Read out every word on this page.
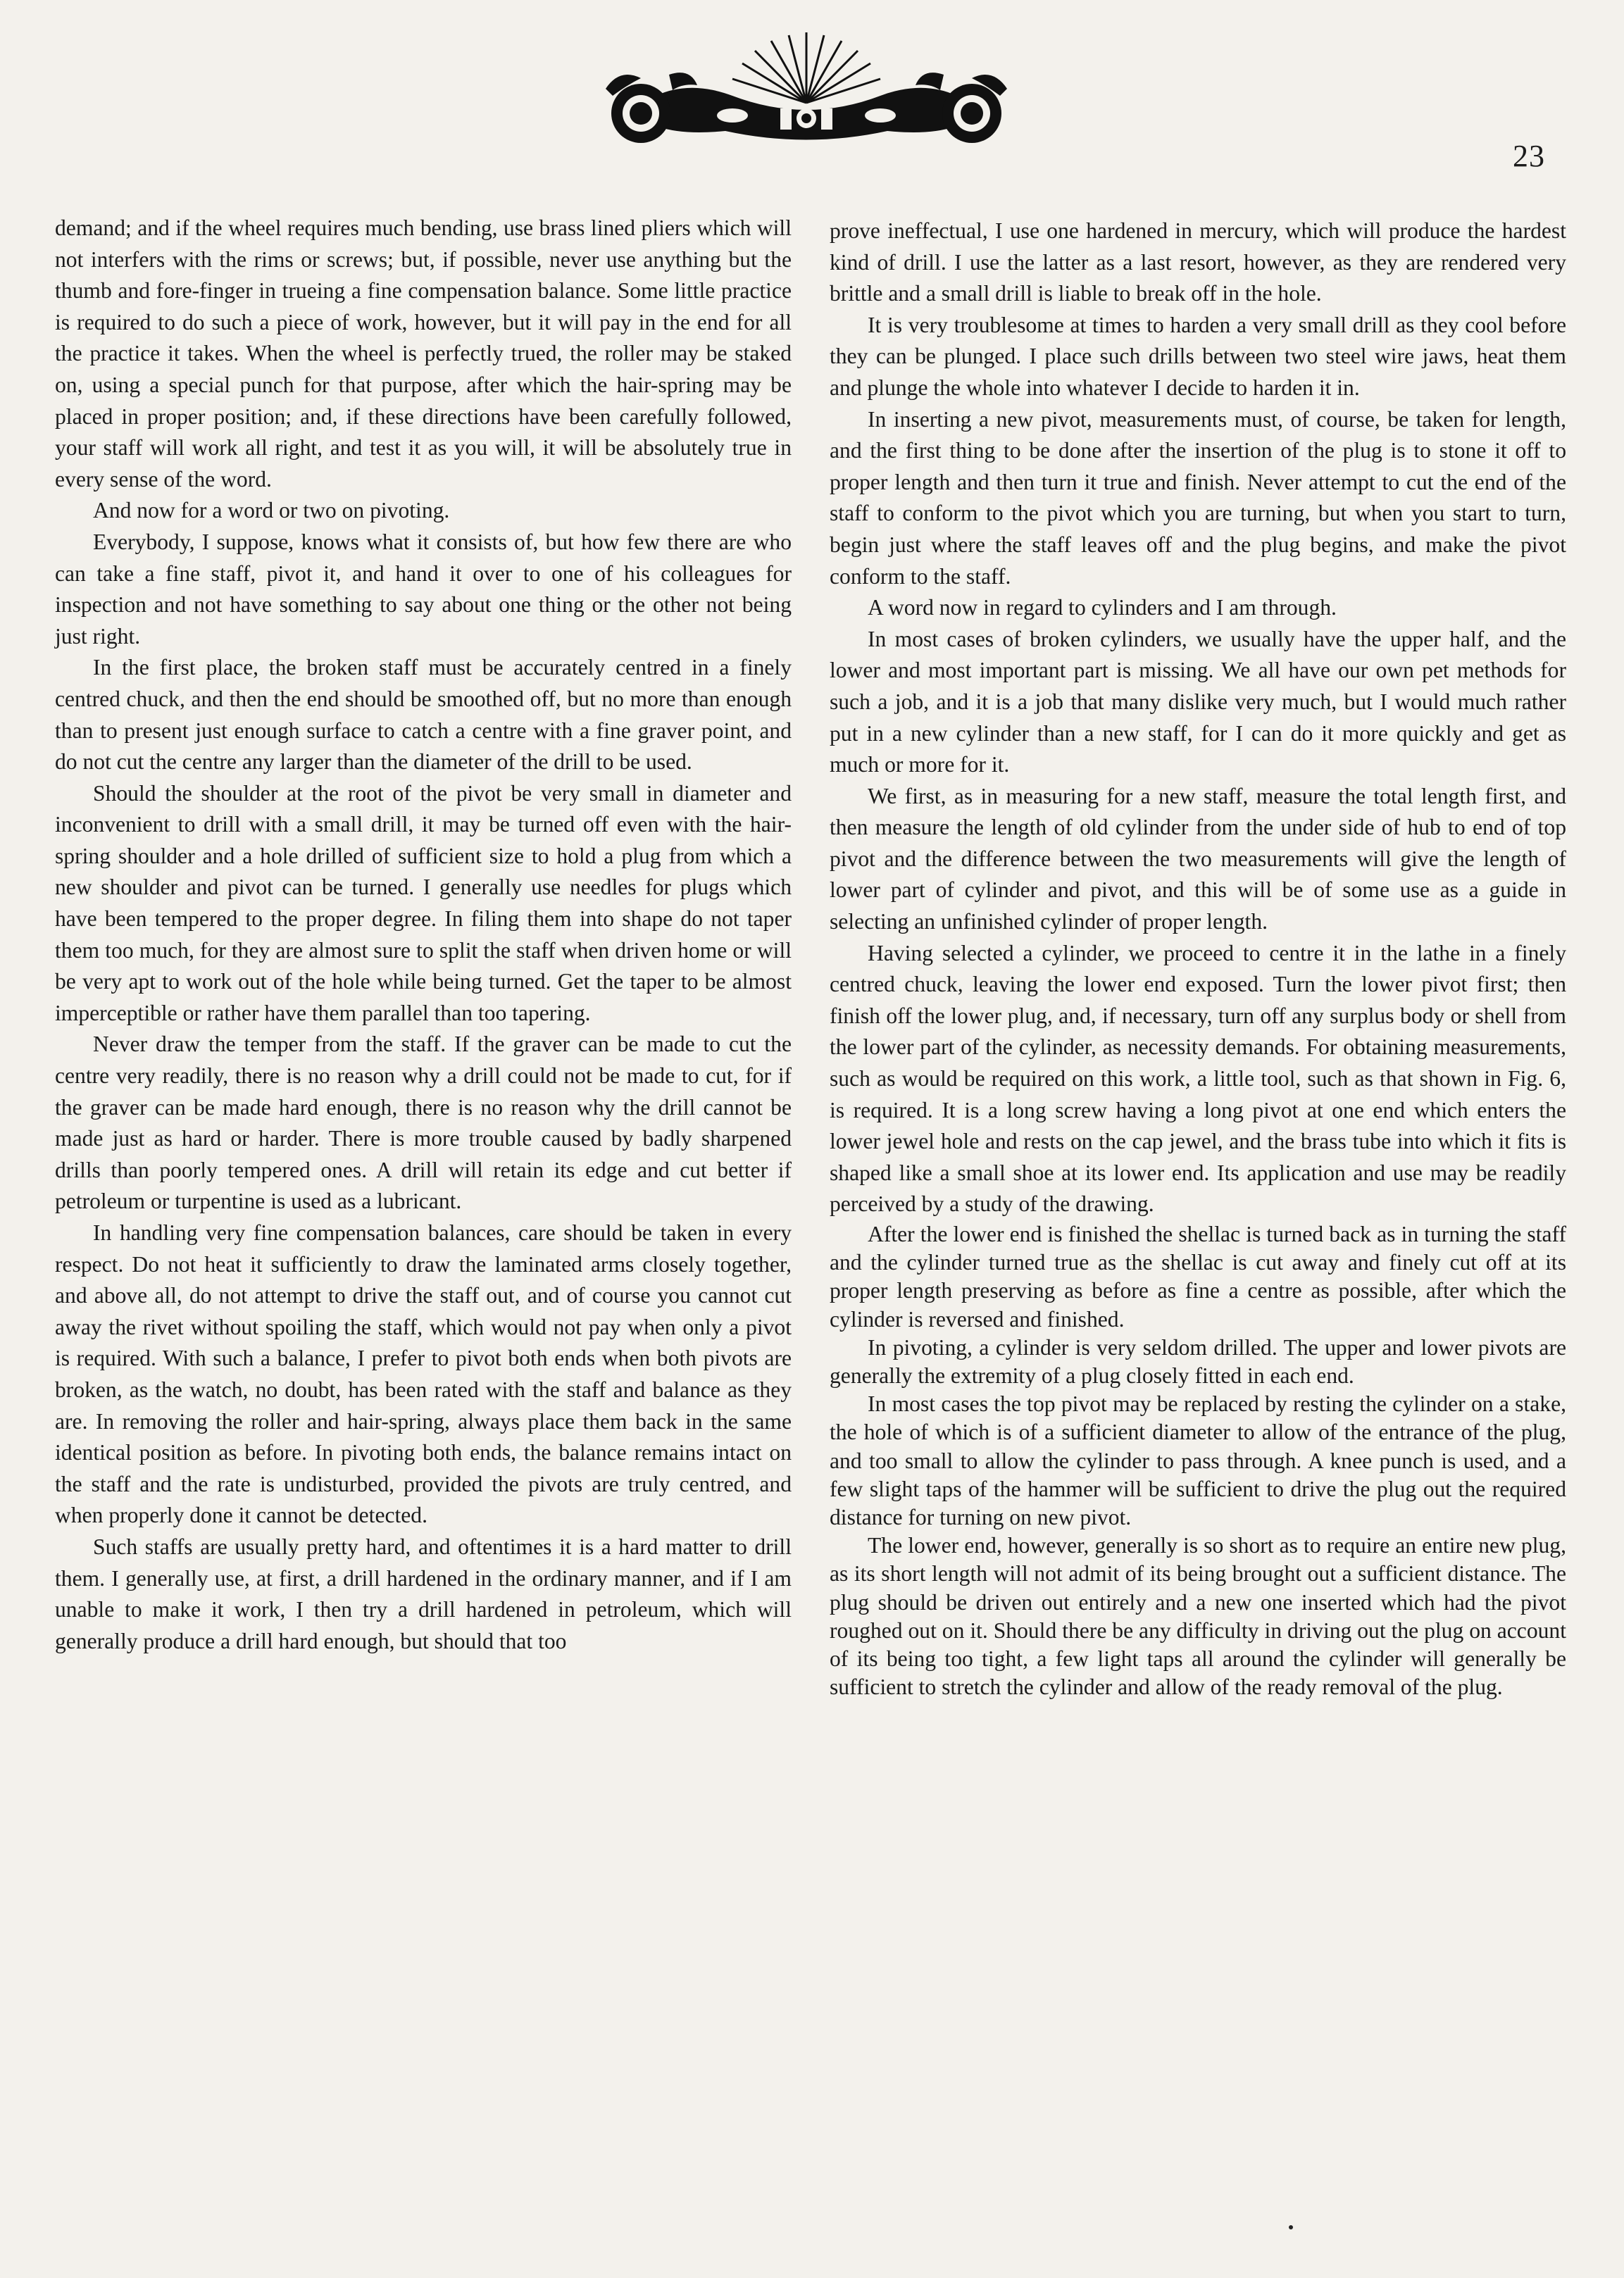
23

demand; and if the wheel requires much bending, use brass lined pliers which will not interfers with the rims or screws; but, if possible, never use anything but the thumb and fore-finger in trueing a fine compensation balance. Some little practice is required to do such a piece of work, however, but it will pay in the end for all the practice it takes. When the wheel is perfectly trued, the roller may be staked on, using a special punch for that purpose, after which the hair-spring may be placed in proper position; and, if these directions have been carefully followed, your staff will work all right, and test it as you will, it will be absolutely true in every sense of the word.

And now for a word or two on pivoting.

Everybody, I suppose, knows what it consists of, but how few there are who can take a fine staff, pivot it, and hand it over to one of his colleagues for inspection and not have something to say about one thing or the other not being just right.

In the first place, the broken staff must be accurately centred in a finely centred chuck, and then the end should be smoothed off, but no more than enough than to present just enough surface to catch a centre with a fine graver point, and do not cut the centre any larger than the diameter of the drill to be used.

Should the shoulder at the root of the pivot be very small in diameter and inconvenient to drill with a small drill, it may be turned off even with the hair-spring shoulder and a hole drilled of sufficient size to hold a plug from which a new shoulder and pivot can be turned. I generally use needles for plugs which have been tempered to the proper degree. In filing them into shape do not taper them too much, for they are almost sure to split the staff when driven home or will be very apt to work out of the hole while being turned. Get the taper to be almost imperceptible or rather have them parallel than too tapering.

Never draw the temper from the staff. If the graver can be made to cut the centre very readily, there is no reason why a drill could not be made to cut, for if the graver can be made hard enough, there is no reason why the drill cannot be made just as hard or harder. There is more trouble caused by badly sharpened drills than poorly tempered ones. A drill will retain its edge and cut better if petroleum or turpentine is used as a lubricant.

In handling very fine compensation balances, care should be taken in every respect. Do not heat it sufficiently to draw the laminated arms closely together, and above all, do not attempt to drive the staff out, and of course you cannot cut away the rivet without spoiling the staff, which would not pay when only a pivot is required. With such a balance, I prefer to pivot both ends when both pivots are broken, as the watch, no doubt, has been rated with the staff and balance as they are. In removing the roller and hair-spring, always place them back in the same identical position as before. In pivoting both ends, the balance remains intact on the staff and the rate is undisturbed, provided the pivots are truly centred, and when properly done it cannot be detected.

Such staffs are usually pretty hard, and oftentimes it is a hard matter to drill them. I generally use, at first, a drill hardened in the ordinary manner, and if I am unable to make it work, I then try a drill hardened in petroleum, which will generally produce a drill hard enough, but should that too

prove ineffectual, I use one hardened in mercury, which will produce the hardest kind of drill. I use the latter as a last resort, however, as they are rendered very brittle and a small drill is liable to break off in the hole.

It is very troublesome at times to harden a very small drill as they cool before they can be plunged. I place such drills between two steel wire jaws, heat them and plunge the whole into whatever I decide to harden it in.

In inserting a new pivot, measurements must, of course, be taken for length, and the first thing to be done after the insertion of the plug is to stone it off to proper length and then turn it true and finish. Never attempt to cut the end of the staff to conform to the pivot which you are turning, but when you start to turn, begin just where the staff leaves off and the plug begins, and make the pivot conform to the staff.

A word now in regard to cylinders and I am through.

In most cases of broken cylinders, we usually have the upper half, and the lower and most important part is missing. We all have our own pet methods for such a job, and it is a job that many dislike very much, but I would much rather put in a new cylinder than a new staff, for I can do it more quickly and get as much or more for it.

We first, as in measuring for a new staff, measure the total length first, and then measure the length of old cylinder from the under side of hub to end of top pivot and the difference between the two measurements will give the length of lower part of cylinder and pivot, and this will be of some use as a guide in selecting an unfinished cylinder of proper length.

Having selected a cylinder, we proceed to centre it in the lathe in a finely centred chuck, leaving the lower end exposed. Turn the lower pivot first; then finish off the lower plug, and, if necessary, turn off any surplus body or shell from the lower part of the cylinder, as necessity demands. For obtaining measurements, such as would be required on this work, a little tool, such as that shown in Fig. 6, is required. It is a long screw having a long pivot at one end which enters the lower jewel hole and rests on the cap jewel, and the brass tube into which it fits is shaped like a small shoe at its lower end. Its application and use may be readily perceived by a study of the drawing.

After the lower end is finished the shellac is turned back as in turning the staff and the cylinder turned true as the shellac is cut away and finely cut off at its proper length preserving as before as fine a centre as possible, after which the cylinder is reversed and finished.

In pivoting, a cylinder is very seldom drilled. The upper and lower pivots are generally the extremity of a plug closely fitted in each end.

In most cases the top pivot may be replaced by resting the cylinder on a stake, the hole of which is of a sufficient diameter to allow of the entrance of the plug, and too small to allow the cylinder to pass through. A knee punch is used, and a few slight taps of the hammer will be sufficient to drive the plug out the required distance for turning on new pivot.

The lower end, however, generally is so short as to require an entire new plug, as its short length will not admit of its being brought out a sufficient distance. The plug should be driven out entirely and a new one inserted which had the pivot roughed out on it. Should there be any difficulty in driving out the plug on account of its being too tight, a few light taps all around the cylinder will generally be sufficient to stretch the cylinder and allow of the ready removal of the plug.
